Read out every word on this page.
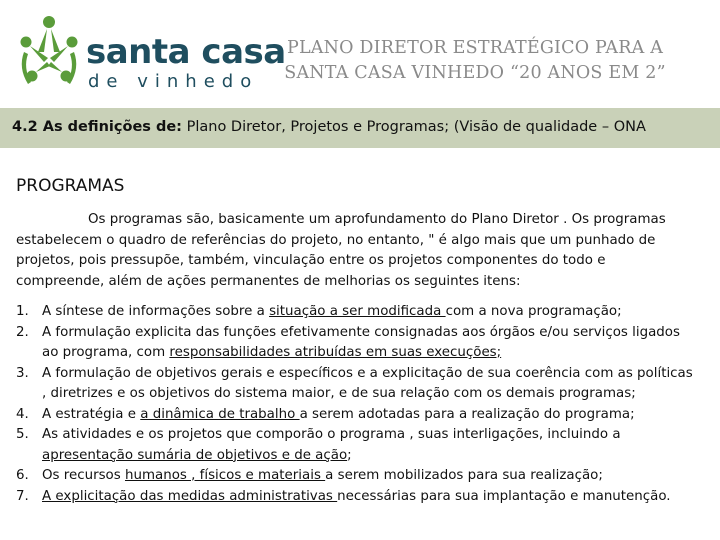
santa casa
de vinhedo
PLANO DIRETOR ESTRATÉGICO PARA A
SANTA CASA VINHEDO “20 ANOS EM 2”
4.2 As definições de: Plano Diretor, Projetos e Programas; (Visão de qualidade – ONA
PROGRAMAS

Os programas são, basicamente um aprofundamento do Plano Diretor . Os programas estabelecem o quadro de referências do projeto, no entanto, " é algo mais que um punhado de projetos, pois pressupõe, também, vinculação entre os projetos componentes do todo e compreende, além de ações permanentes de melhorias os seguintes itens:

1. A síntese de informações sobre a situação a ser modificada com a nova programação;
2. A formulação explicita das funções efetivamente consignadas aos órgãos e/ou serviços ligados ao programa, com responsabilidades atribuídas em suas execuções;
3. A formulação de objetivos gerais e específicos e a explicitação de sua coerência com as políticas , diretrizes e os objetivos do sistema maior, e de sua relação com os demais programas;
4. A estratégia e a dinâmica de trabalho a serem adotadas para a realização do programa;
5. As atividades e os projetos que comporão o programa , suas interligações, incluindo a apresentação sumária de objetivos e de ação;
6. Os recursos humanos , físicos e materiais a serem mobilizados para sua realização;
7. A explicitação das medidas administrativas necessárias para sua implantação e manutenção.
